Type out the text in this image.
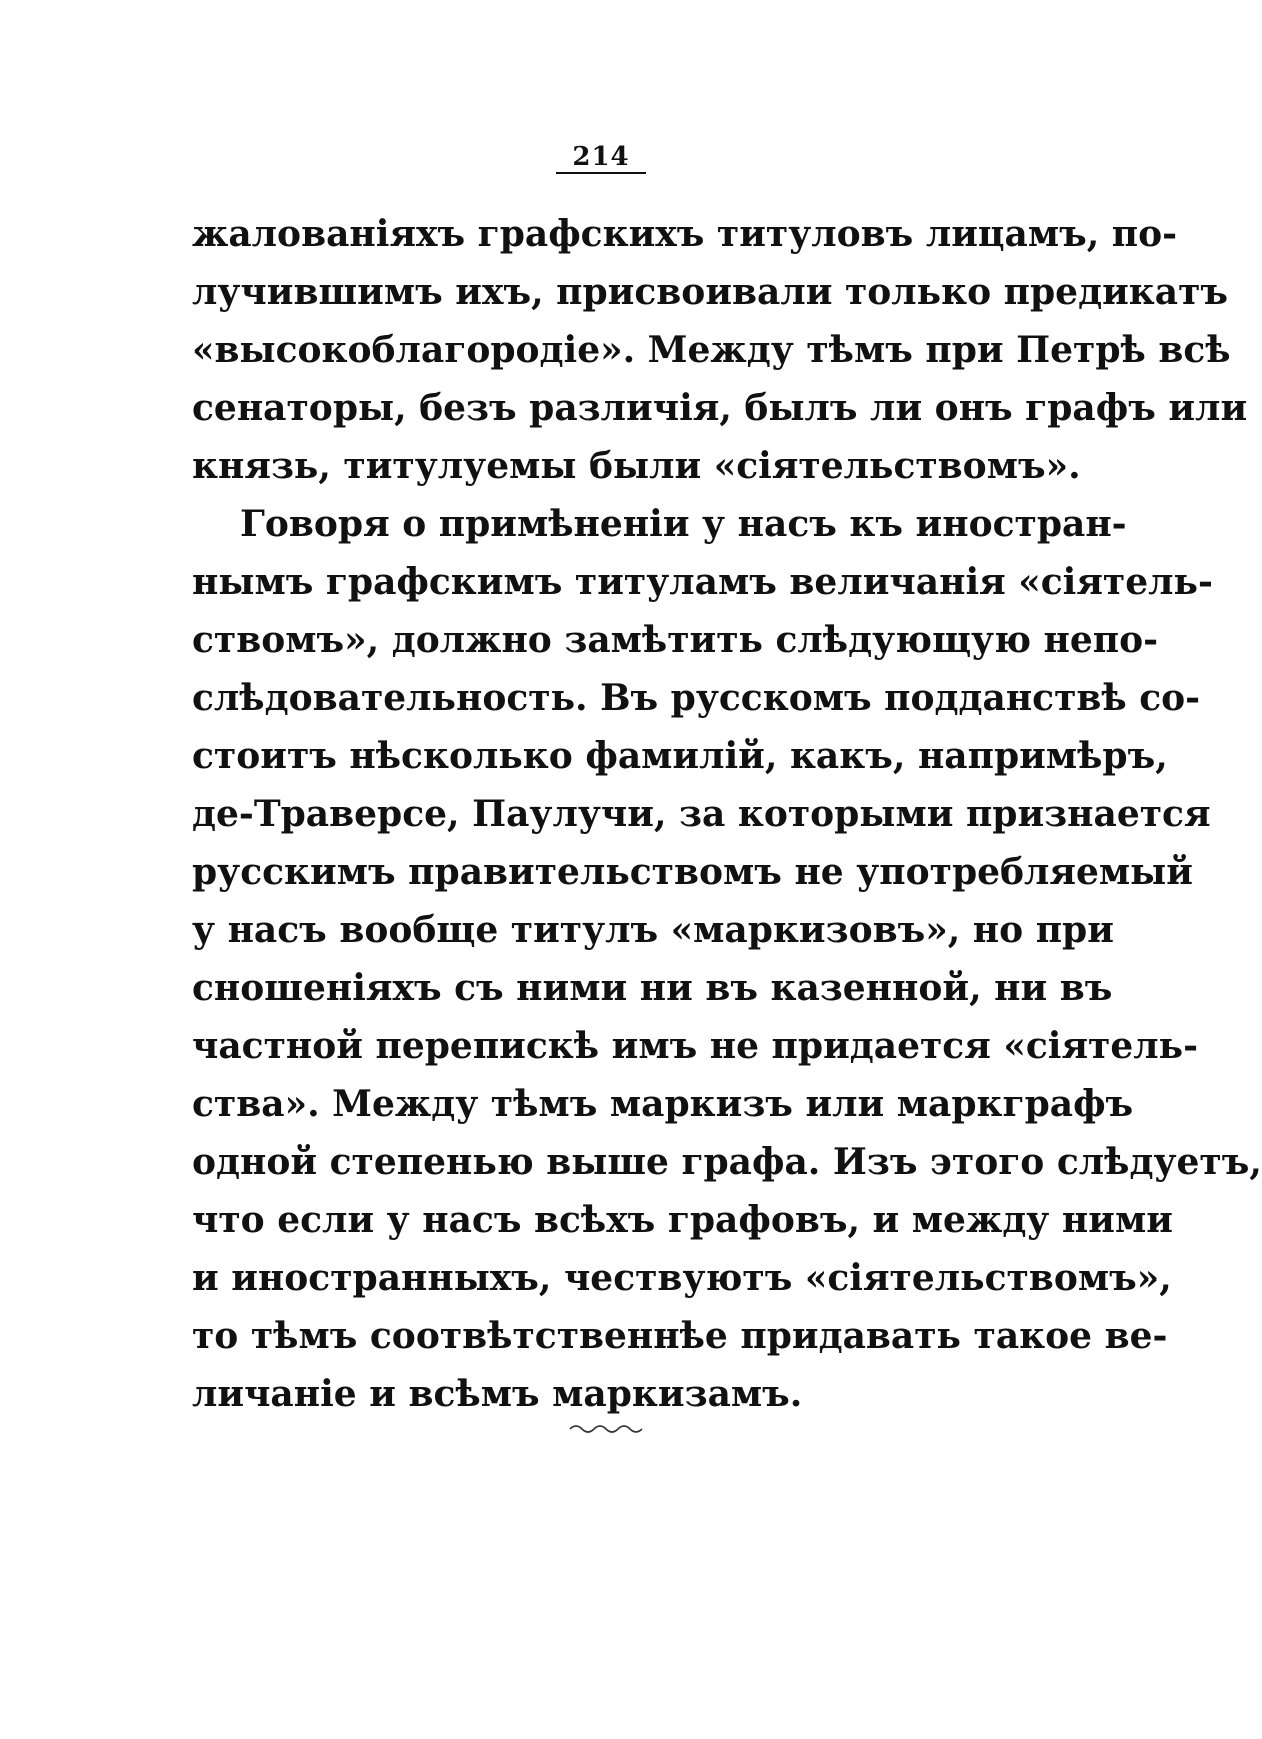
214
жалованіяхъ графскихъ титуловъ лицамъ, по-
лучившимъ ихъ, присвоивали только предикатъ
«высокоблагородіе». Между тѣмъ при Петрѣ всѣ
сенаторы, безъ различія, былъ ли онъ графъ или
князь, титулуемы были «сіятельствомъ».
Говоря о примѣненіи у насъ къ иностран-
нымъ графскимъ титуламъ величанія «сіятель-
ствомъ», должно замѣтить слѣдующую непо-
слѣдовательность. Въ русскомъ подданствѣ со-
стоитъ нѣсколько фамилій, какъ, напримѣръ,
де-Траверсе, Паулучи, за которыми признается
русскимъ правительствомъ не употребляемый
у насъ вообще титулъ «маркизовъ», но при
сношеніяхъ съ ними ни въ казенной, ни въ
частной перепискѣ имъ не придается «сіятель-
ства». Между тѣмъ маркизъ или маркграфъ
одной степенью выше графа. Изъ этого слѣдуетъ,
что если у насъ всѣхъ графовъ, и между ними
и иностранныхъ, чествуютъ «сіятельствомъ»,
то тѣмъ соотвѣтственнѣе придавать такое ве-
личаніе и всѣмъ маркизамъ.
